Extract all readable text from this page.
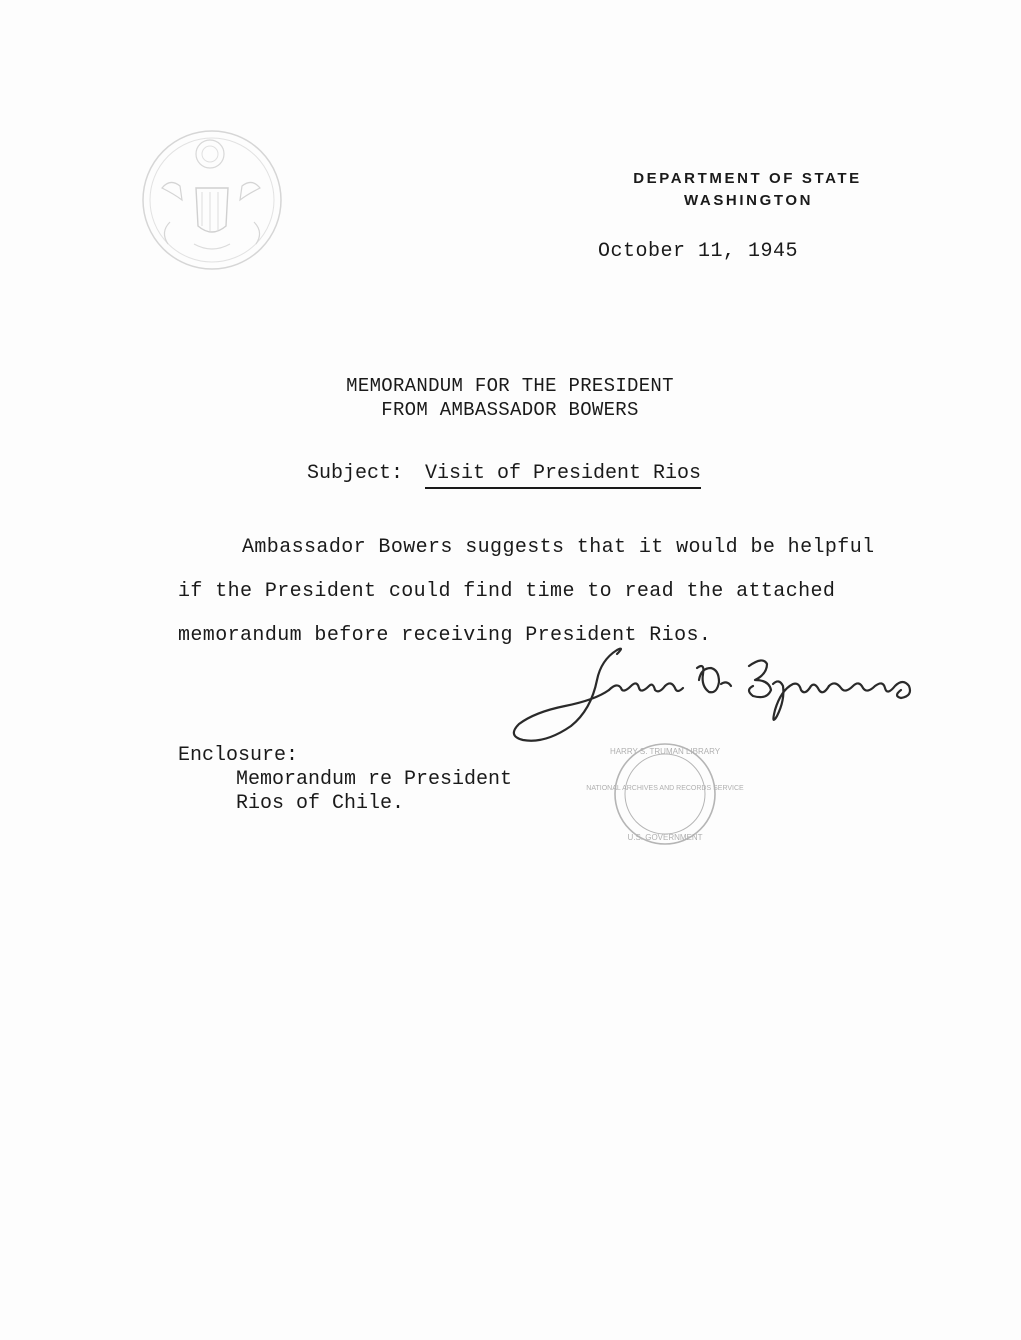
DEPARTMENT OF STATE
WASHINGTON
October 11, 1945
MEMORANDUM FOR THE PRESIDENT
FROM AMBASSADOR BOWERS
Subject: Visit of President Rios
Ambassador Bowers suggests that it would be helpful
if the President could find time to read the attached
memorandum before receiving President Rios.
HARRY S. TRUMAN LIBRARY
NATIONAL ARCHIVES AND RECORDS SERVICE
U.S. GOVERNMENT
Enclosure:
Memorandum re President
Rios of Chile.
